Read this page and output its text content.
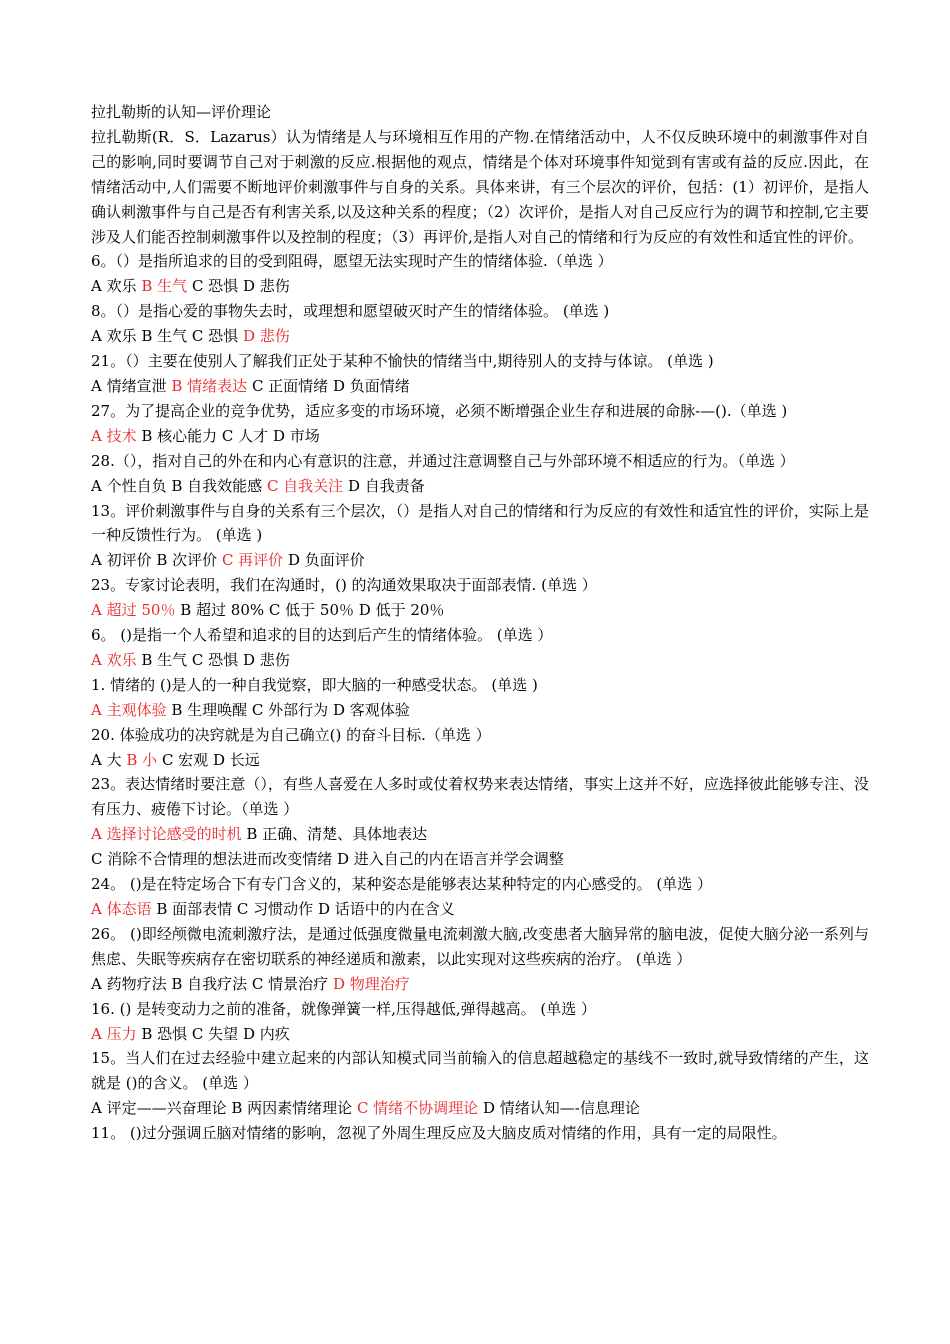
拉扎勒斯的认知—评价理论

拉扎勒斯(R．S．Lazarus）认为情绪是人与环境相互作用的产物.在情绪活动中，人不仅反映环境中的刺激事件对自己的影响,同时要调节自己对于刺激的反应.根据他的观点，情绪是个体对环境事件知觉到有害或有益的反应.因此，在情绪活动中,人们需要不断地评价刺激事件与自身的关系。具体来讲，有三个层次的评价，包括：(1）初评价，是指人确认刺激事件与自己是否有利害关系,以及这种关系的程度；（2）次评价，是指人对自己反应行为的调节和控制,它主要涉及人们能否控制刺激事件以及控制的程度；（3）再评价,是指人对自己的情绪和行为反应的有效性和适宜性的评价。

6。（）是指所追求的目的受到阻碍，愿望无法实现时产生的情绪体验.（单选 ）

A 欢乐 B 生气 C 恐惧 D 悲伤

8。（）是指心爱的事物失去时，或理想和愿望破灭时产生的情绪体验。 (单选 )

A 欢乐 B 生气 C 恐惧 D 悲伤

21。（）主要在使别人了解我们正处于某种不愉快的情绪当中,期待别人的支持与体谅。 (单选 )

A 情绪宣泄 B 情绪表达 C 正面情绪 D 负面情绪

27。为了提高企业的竞争优势，适应多变的市场环境，必须不断增强企业生存和进展的命脉-—().（单选 )

A 技术 B 核心能力 C 人才 D 市场

28.（），指对自己的外在和内心有意识的注意，并通过注意调整自己与外部环境不相适应的行为。（单选 ）

A 个性自负 B 自我效能感 C 自我关注 D 自我责备

13。评价刺激事件与自身的关系有三个层次，（）是指人对自己的情绪和行为反应的有效性和适宜性的评价，实际上是一种反馈性行为。 (单选 )

A 初评价 B 次评价 C 再评价 D 负面评价

23。专家讨论表明，我们在沟通时，() 的沟通效果取决于面部表情. (单选 ）

A 超过 50％ B 超过 80% C 低于 50％ D 低于 20％

6。 ()是指一个人希望和追求的目的达到后产生的情绪体验。 (单选 ）

A 欢乐 B 生气 C 恐惧 D 悲伤

1. 情绪的 ()是人的一种自我觉察，即大脑的一种感受状态。 (单选 )

A 主观体验 B 生理唤醒 C 外部行为 D 客观体验

20. 体验成功的决窍就是为自己确立() 的奋斗目标.（单选 ）

A 大 B 小 C 宏观 D 长远

23。表达情绪时要注意（），有些人喜爱在人多时或仗着权势来表达情绪，事实上这并不好，应选择彼此能够专注、没有压力、疲倦下讨论。（单选 ）

A 选择讨论感受的时机 B 正确、清楚、具体地表达

C 消除不合情理的想法进而改变情绪 D 进入自己的内在语言并学会调整

24。 ()是在特定场合下有专门含义的，某种姿态是能够表达某种特定的内心感受的。 (单选 ）

A 体态语 B 面部表情 C 习惯动作 D 话语中的内在含义

26。 ()即经颅微电流刺激疗法，是通过低强度微量电流刺激大脑,改变患者大脑异常的脑电波，促使大脑分泌一系列与焦虑、失眠等疾病存在密切联系的神经递质和激素，以此实现对这些疾病的治疗。 (单选 ）

A 药物疗法 B 自我疗法 C 情景治疗 D 物理治疗

16. () 是转变动力之前的准备，就像弹簧一样,压得越低,弹得越高。 (单选 ）

A 压力 B 恐惧 C 失望 D 内疚

15。当人们在过去经验中建立起来的内部认知模式同当前输入的信息超越稳定的基线不一致时,就导致情绪的产生，这就是 ()的含义。 (单选 ）

A 评定——兴奋理论 B 两因素情绪理论 C 情绪不协调理论 D 情绪认知—-信息理论

11。 ()过分强调丘脑对情绪的影响，忽视了外周生理反应及大脑皮质对情绪的作用，具有一定的局限性。
